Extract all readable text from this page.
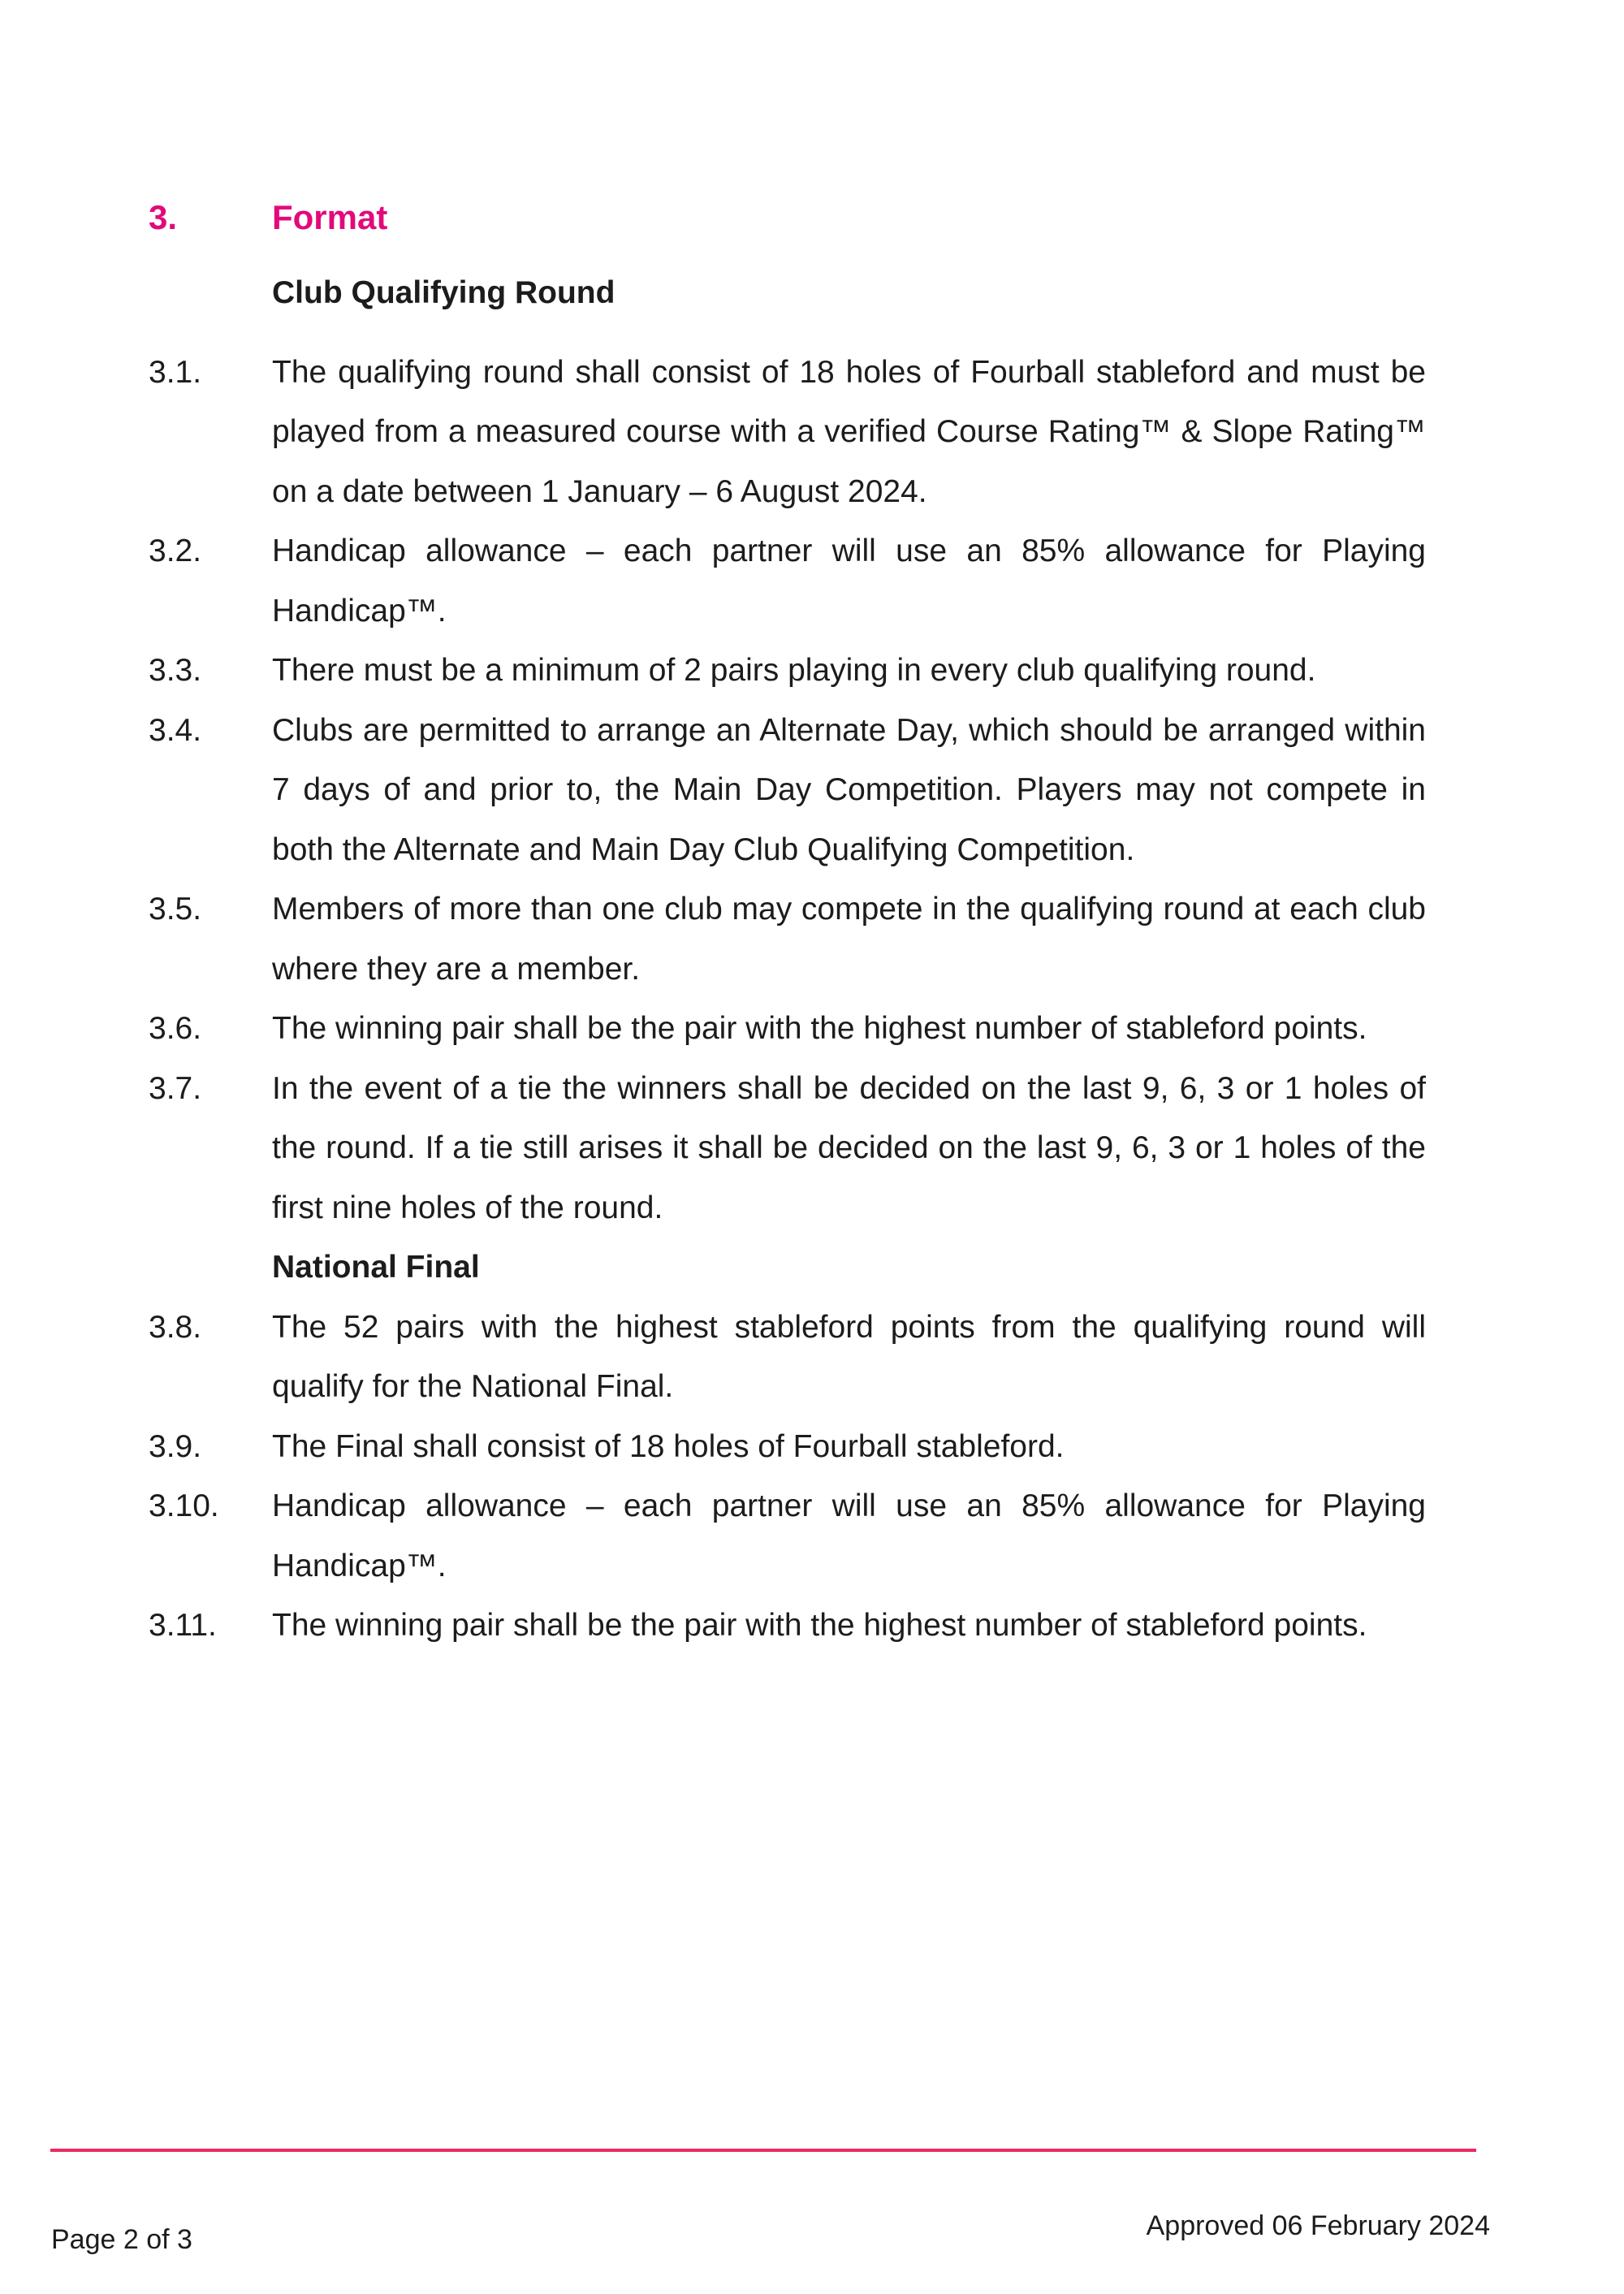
3.	Format

Club Qualifying Round

3.1. The qualifying round shall consist of 18 holes of Fourball stableford and must be played from a measured course with a verified Course Rating™ & Slope Rating™ on a date between 1 January – 6 August 2024.

3.2. Handicap allowance – each partner will use an 85% allowance for Playing Handicap™.

3.3. There must be a minimum of 2 pairs playing in every club qualifying round.

3.4. Clubs are permitted to arrange an Alternate Day, which should be arranged within 7 days of and prior to, the Main Day Competition. Players may not compete in both the Alternate and Main Day Club Qualifying Competition.

3.5. Members of more than one club may compete in the qualifying round at each club where they are a member.

3.6. The winning pair shall be the pair with the highest number of stableford points.

3.7. In the event of a tie the winners shall be decided on the last 9, 6, 3 or 1 holes of the round. If a tie still arises it shall be decided on the last 9, 6, 3 or 1 holes of the first nine holes of the round.

National Final

3.8. The 52 pairs with the highest stableford points from the qualifying round will qualify for the National Final.

3.9. The Final shall consist of 18 holes of Fourball stableford.

3.10. Handicap allowance – each partner will use an 85% allowance for Playing Handicap™.

3.11. The winning pair shall be the pair with the highest number of stableford points.

Page 2 of 3	Approved 06 February 2024
